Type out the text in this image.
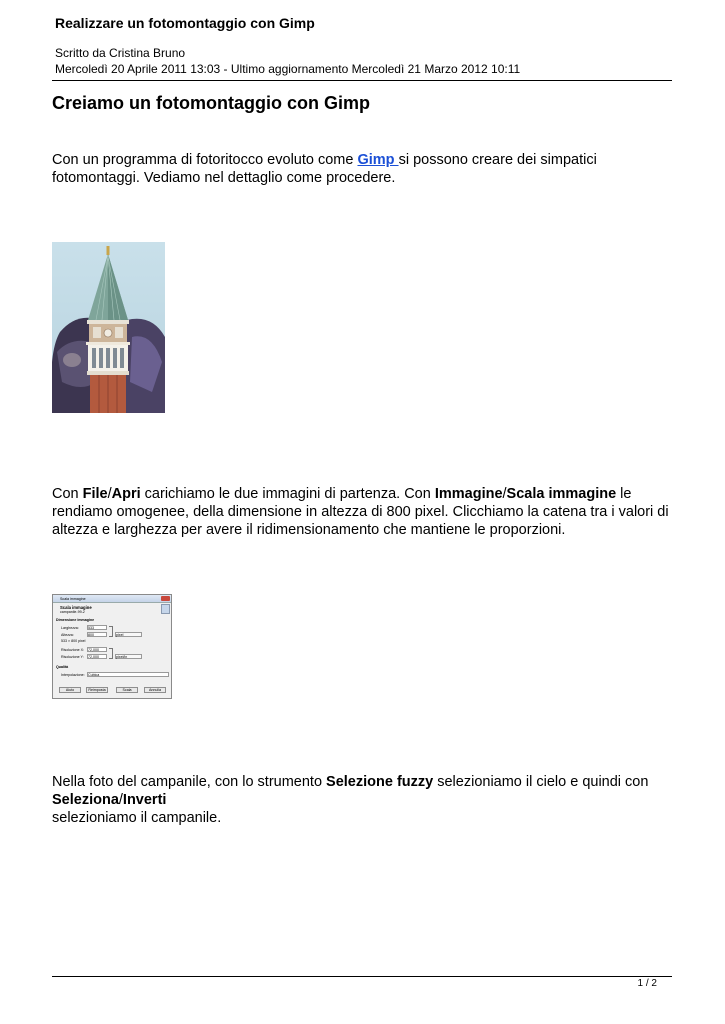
Realizzare un fotomontaggio con Gimp
Scritto da Cristina Bruno
Mercoledì 20 Aprile 2011 13:03 - Ultimo aggiornamento Mercoledì 21 Marzo 2012 10:11
Creiamo un fotomontaggio con Gimp
Con un programma di fotoritocco evoluto come Gimp si possono creare dei simpatici fotomontaggi. Vediamo nel dettaglio come procedere.
Con File/Apri carichiamo le due immagini di partenza. Con Immagine/Scala immagine le rendiamo omogenee, della dimensione in altezza di 800 pixel. Clicchiamo la catena tra i valori di altezza e larghezza per avere il ridimensionamento che mantiene le proporzioni.
Scala immagine
Scala immagine
campanile-99-2
Dimensione immagine
Larghezza:	533
Altezza:	800	pixel
533 × 800 pixel
Risoluzione X: 72,000
Risoluzione Y: 72,000	pixel/in
Qualità
Interpolazione: Cubica
Aiuto	Reimposta	Scala	Annulla
Nella foto del campanile, con lo strumento Selezione fuzzy selezioniamo il cielo e quindi con
Seleziona/Inverti
selezioniamo il campanile.
1 / 2
